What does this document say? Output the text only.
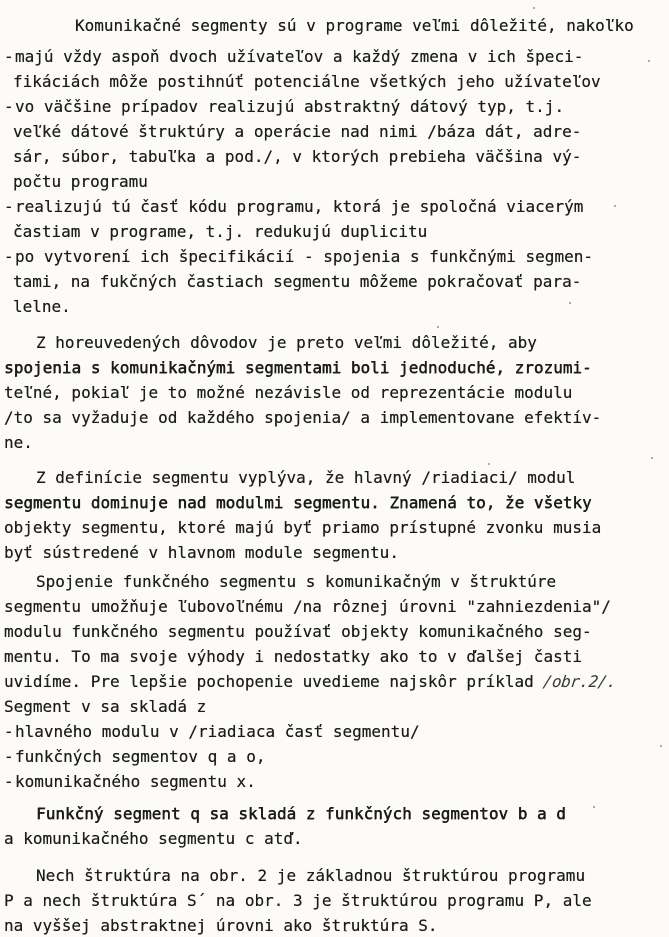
Komunikačné segmenty sú v programe veľmi dôležité, nakoľko
- majú vždy aspoň dvoch užívateľov a každý zmena v ich špeci-
fikáciách môže postihnúť potenciálne všetkých jeho užívateľov
- vo väčšine prípadov realizujú abstraktný dátový typ, t.j.
veľké dátové štruktúry a operácie nad nimi /báza dát, adre-
sár, súbor, tabuľka a pod./, v ktorých prebieha väčšina vý-
počtu programu
- realizujú tú časť kódu programu, ktorá je spoločná viacerým
častiam v programe, t.j. redukujú duplicitu
- po vytvorení ich špecifikácií - spojenia s funkčnými segmen-
tami, na fukčných častiach segmentu môžeme pokračovať para-
lelne.
Z horeuvedených dôvodov je preto veľmi dôležité, aby
spojenia s komunikačnými segmentami boli jednoduché, zrozumi-
teľné, pokiaľ je to možné nezávisle od reprezentácie modulu
/to sa vyžaduje od každého spojenia/ a implementovane efektív-
ne.
Z definície segmentu vyplýva, že hlavný /riadiaci/ modul
segmentu dominuje nad modulmi segmentu. Znamená to, že všetky
objekty segmentu, ktoré majú byť priamo prístupné zvonku musia
byť sústredené v hlavnom module segmentu.
Spojenie funkčného segmentu s komunikačným v štruktúre
segmentu umožňuje ľubovoľnému /na rôznej úrovni "zahniezdenia"/
modulu funkčného segmentu používať objekty komunikačného seg-
mentu. To ma svoje výhody i nedostatky ako to v ďalšej časti
uvidíme. Pre lepšie pochopenie uvedieme najskôr príklad /obr.2/.
Segment v sa skladá z
- hlavného modulu v /riadiaca časť segmentu/
- funkčných segmentov q a o,
- komunikačného segmentu x.
Funkčný segment q sa skladá z funkčných segmentov b a d
a komunikačného segmentu c atď.
Nech štruktúra na obr. 2 je základnou štruktúrou programu
P a nech štruktúra S´ na obr. 3 je štruktúrou programu P, ale
na vyššej abstraktnej úrovni ako štruktúra S.
